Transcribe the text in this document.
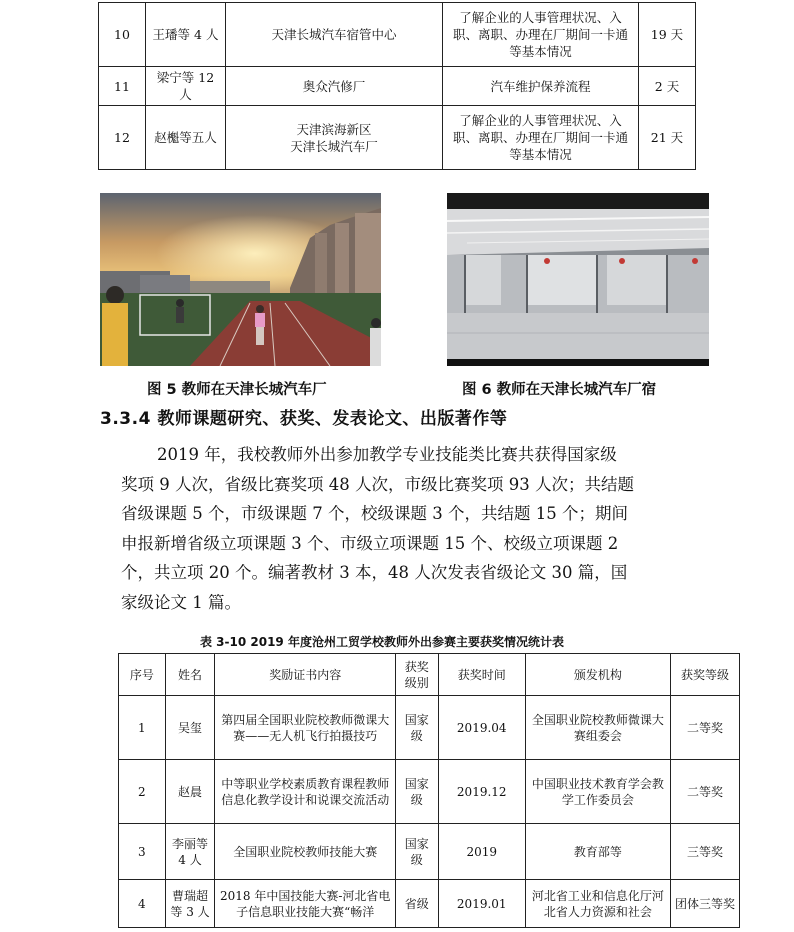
10	王璠等 4 人	天津长城汽车宿管中心	了解企业的人事管理状况、入
职、离职、办理在厂期间一卡通
等基本情况	19 天
11	梁宁等 12 人	奥众汽修厂	汽车维护保养流程	2 天
12	赵櫆等五人	天津滨海新区
天津长城汽车厂	了解企业的人事管理状况、入
职、离职、办理在厂期间一卡通
等基本情况	21 天
图 5 教师在天津长城汽车厂	图 6 教师在天津长城汽车厂宿
3.3.4 教师课题研究、获奖、发表论文、出版著作等
2019 年，我校教师外出参加教学专业技能类比赛共获得国家级
奖项 9 人次，省级比赛奖项 48 人次，市级比赛奖项 93 人次；共结题
省级课题 5 个，市级课题 7 个，校级课题 3 个，共结题 15 个；期间
申报新增省级立项课题 3 个、市级立项课题 15 个、校级立项课题 2
个，共立项 20 个。编著教材 3 本，48 人次发表省级论文 30 篇，国
家级论文 1 篇。
表 3-10 2019 年度沧州工贸学校教师外出参赛主要获奖情况统计表
序号	姓名	奖励证书内容	获奖级别	获奖时间	颁发机构	获奖等级
1	吴玺	第四届全国职业院校教师微课大赛——无人机飞行拍摄技巧	国家级	2019.04	全国职业院校教师微课大赛组委会	二等奖
2	赵晨	中等职业学校素质教育课程教师信息化教学设计和说课交流活动	国家级	2019.12	中国职业技术教育学会教学工作委员会	二等奖
3	李丽等 4 人	全国职业院校教师技能大赛	国家级	2019	教育部等	三等奖
4	曹瑞超等 3 人	2018 年中国技能大赛-河北省电子信息职业技能大赛“畅洋	省级	2019.01	河北省工业和信息化厅河北省人力资源和社会	团体三等奖
